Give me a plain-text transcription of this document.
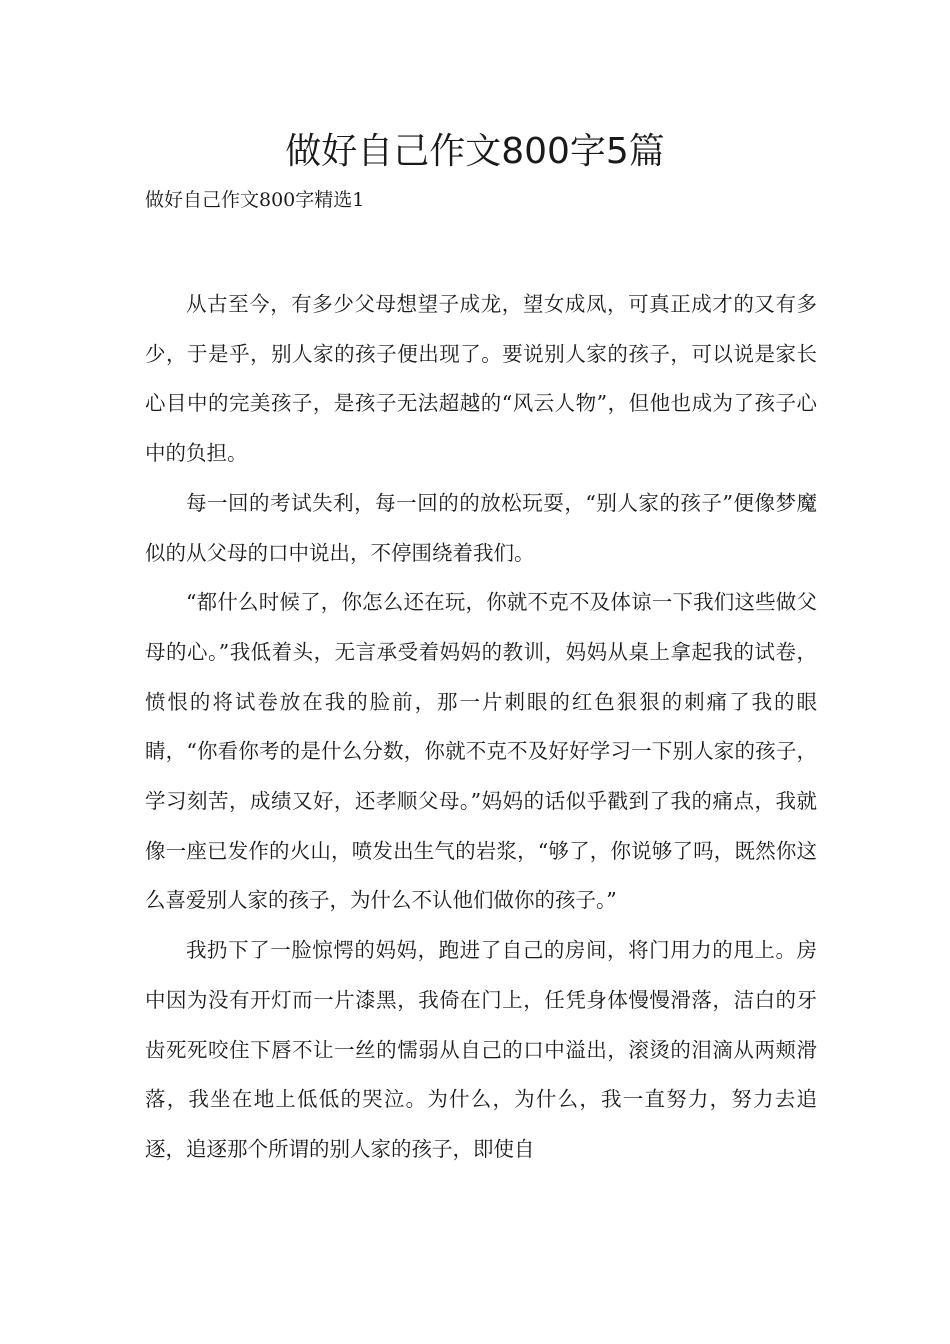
做好自己作文800字5篇
做好自己作文800字精选1

从古至今，有多少父母想望子成龙，望女成凤，可真正成才的又有多少，于是乎，别人家的孩子便出现了。要说别人家的孩子，可以说是家长心目中的完美孩子，是孩子无法超越的“风云人物”，但他也成为了孩子心中的负担。

每一回的考试失利，每一回的的放松玩耍，“别人家的孩子”便像梦魔似的从父母的口中说出，不停围绕着我们。

“都什么时候了，你怎么还在玩，你就不克不及体谅一下我们这些做父母的心。”我低着头，无言承受着妈妈的教训，妈妈从桌上拿起我的试卷，愤恨的将试卷放在我的脸前，那一片刺眼的红色狠狠的刺痛了我的眼睛，“你看你考的是什么分数，你就不克不及好好学习一下别人家的孩子，学习刻苦，成绩又好，还孝顺父母。”妈妈的话似乎戳到了我的痛点，我就像一座已发作的火山，喷发出生气的岩浆，“够了，你说够了吗，既然你这么喜爱别人家的孩子，为什么不认他们做你的孩子。”

我扔下了一脸惊愕的妈妈，跑进了自己的房间，将门用力的甩上。房中因为没有开灯而一片漆黑，我倚在门上，任凭身体慢慢滑落，洁白的牙齿死死咬住下唇不让一丝的懦弱从自己的口中溢出，滚烫的泪滴从两颊滑落，我坐在地上低低的哭泣。为什么，为什么，我一直努力，努力去追逐，追逐那个所谓的别人家的孩子，即使自
